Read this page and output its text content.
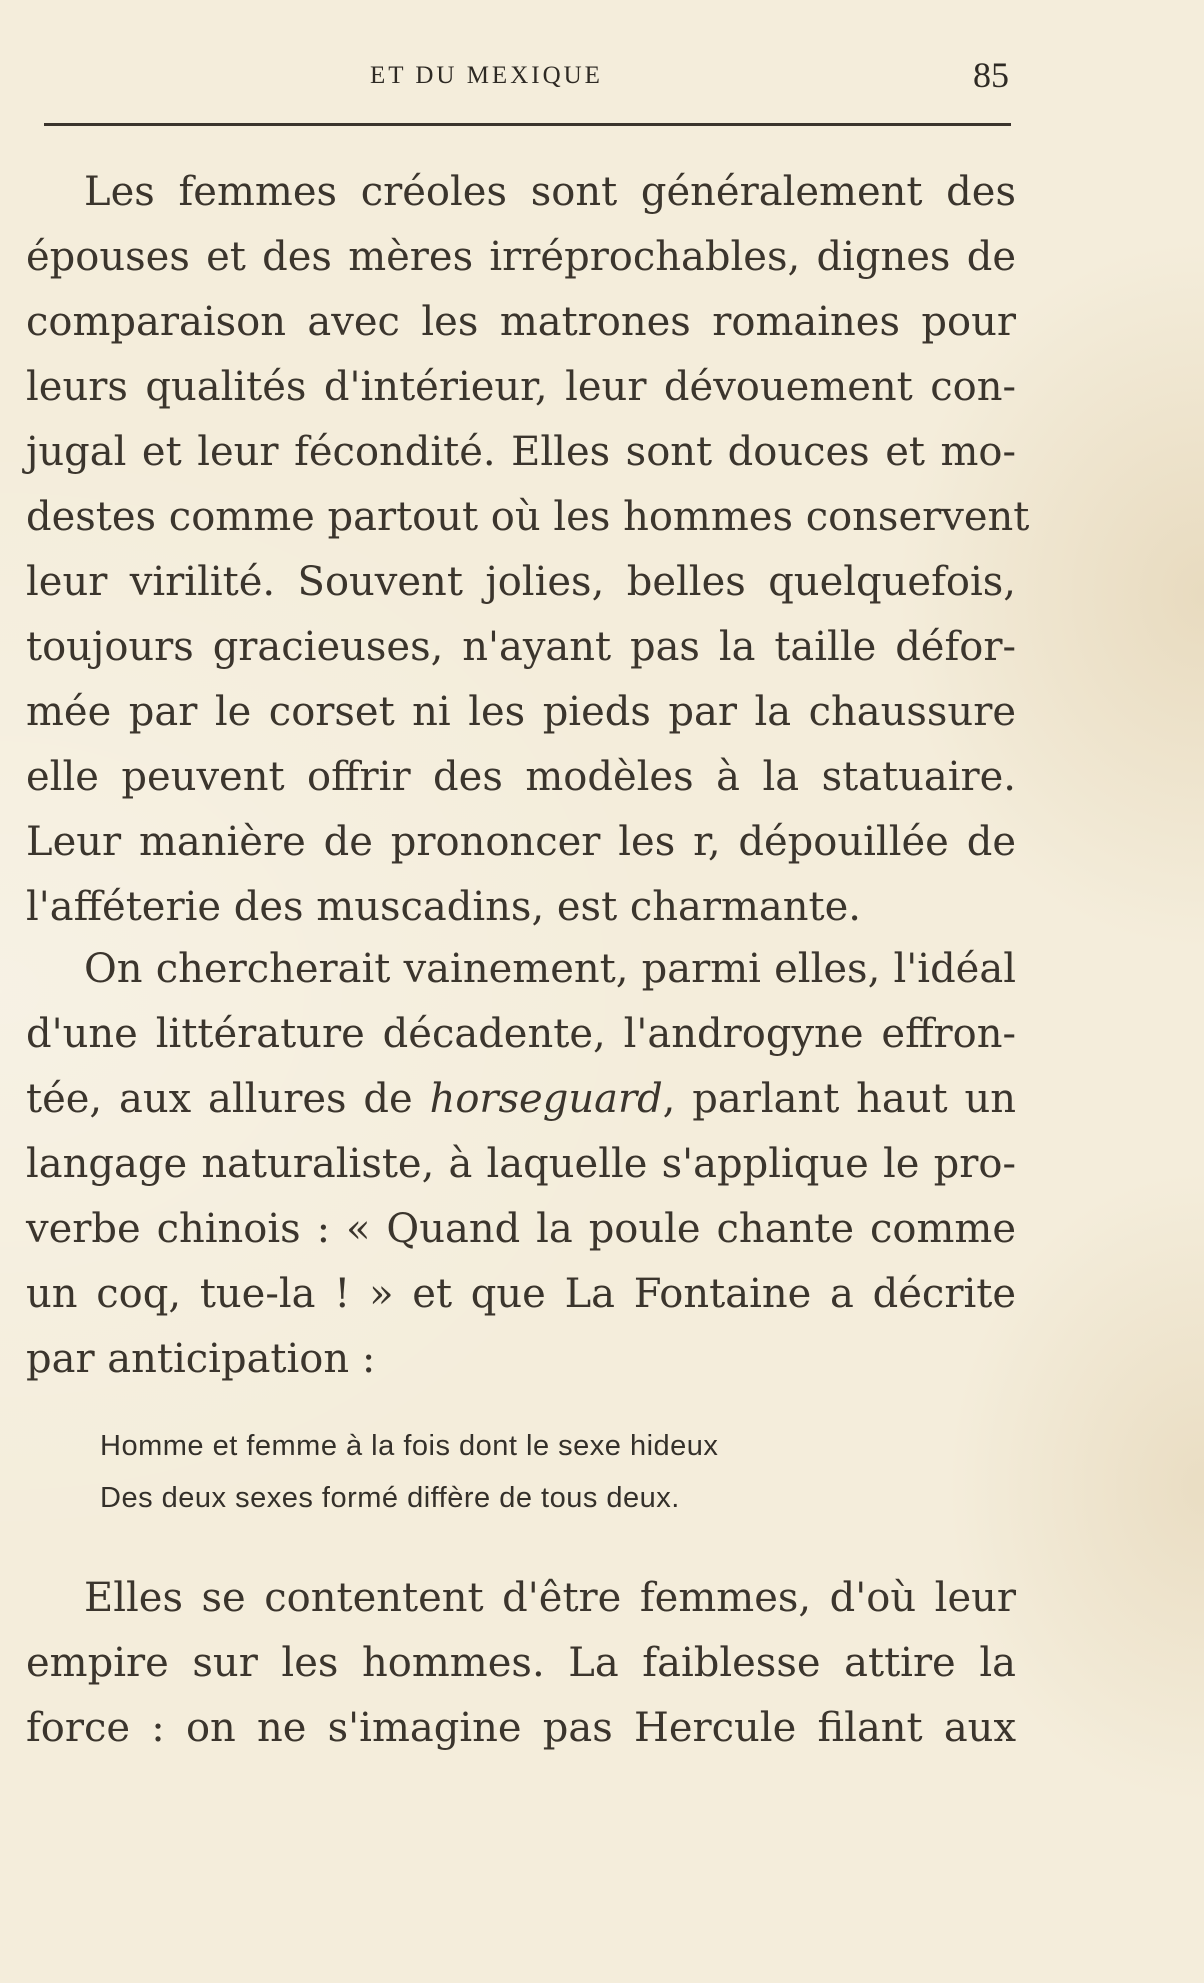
ET DU MEXIQUE	85
Les femmes créoles sont généralement des
épouses et des mères irréprochables, dignes de
comparaison avec les matrones romaines pour
leurs qualités d'intérieur, leur dévouement con-
jugal et leur fécondité. Elles sont douces et mo-
destes comme partout où les hommes conservent
leur virilité. Souvent jolies, belles quelquefois,
toujours gracieuses, n'ayant pas la taille défor-
mée par le corset ni les pieds par la chaussure
elle peuvent offrir des modèles à la statuaire.
Leur manière de prononcer les r, dépouillée de
l'afféterie des muscadins, est charmante.
On chercherait vainement, parmi elles, l'idéal
d'une littérature décadente, l'androgyne effron-
tée, aux allures de horseguard, parlant haut un
langage naturaliste, à laquelle s'applique le pro-
verbe chinois : « Quand la poule chante comme
un coq, tue-la ! » et que La Fontaine a décrite
par anticipation :
Homme et femme à la fois dont le sexe hideux
Des deux sexes formé diffère de tous deux.
Elles se contentent d'être femmes, d'où leur
empire sur les hommes. La faiblesse attire la
force : on ne s'imagine pas Hercule filant aux
